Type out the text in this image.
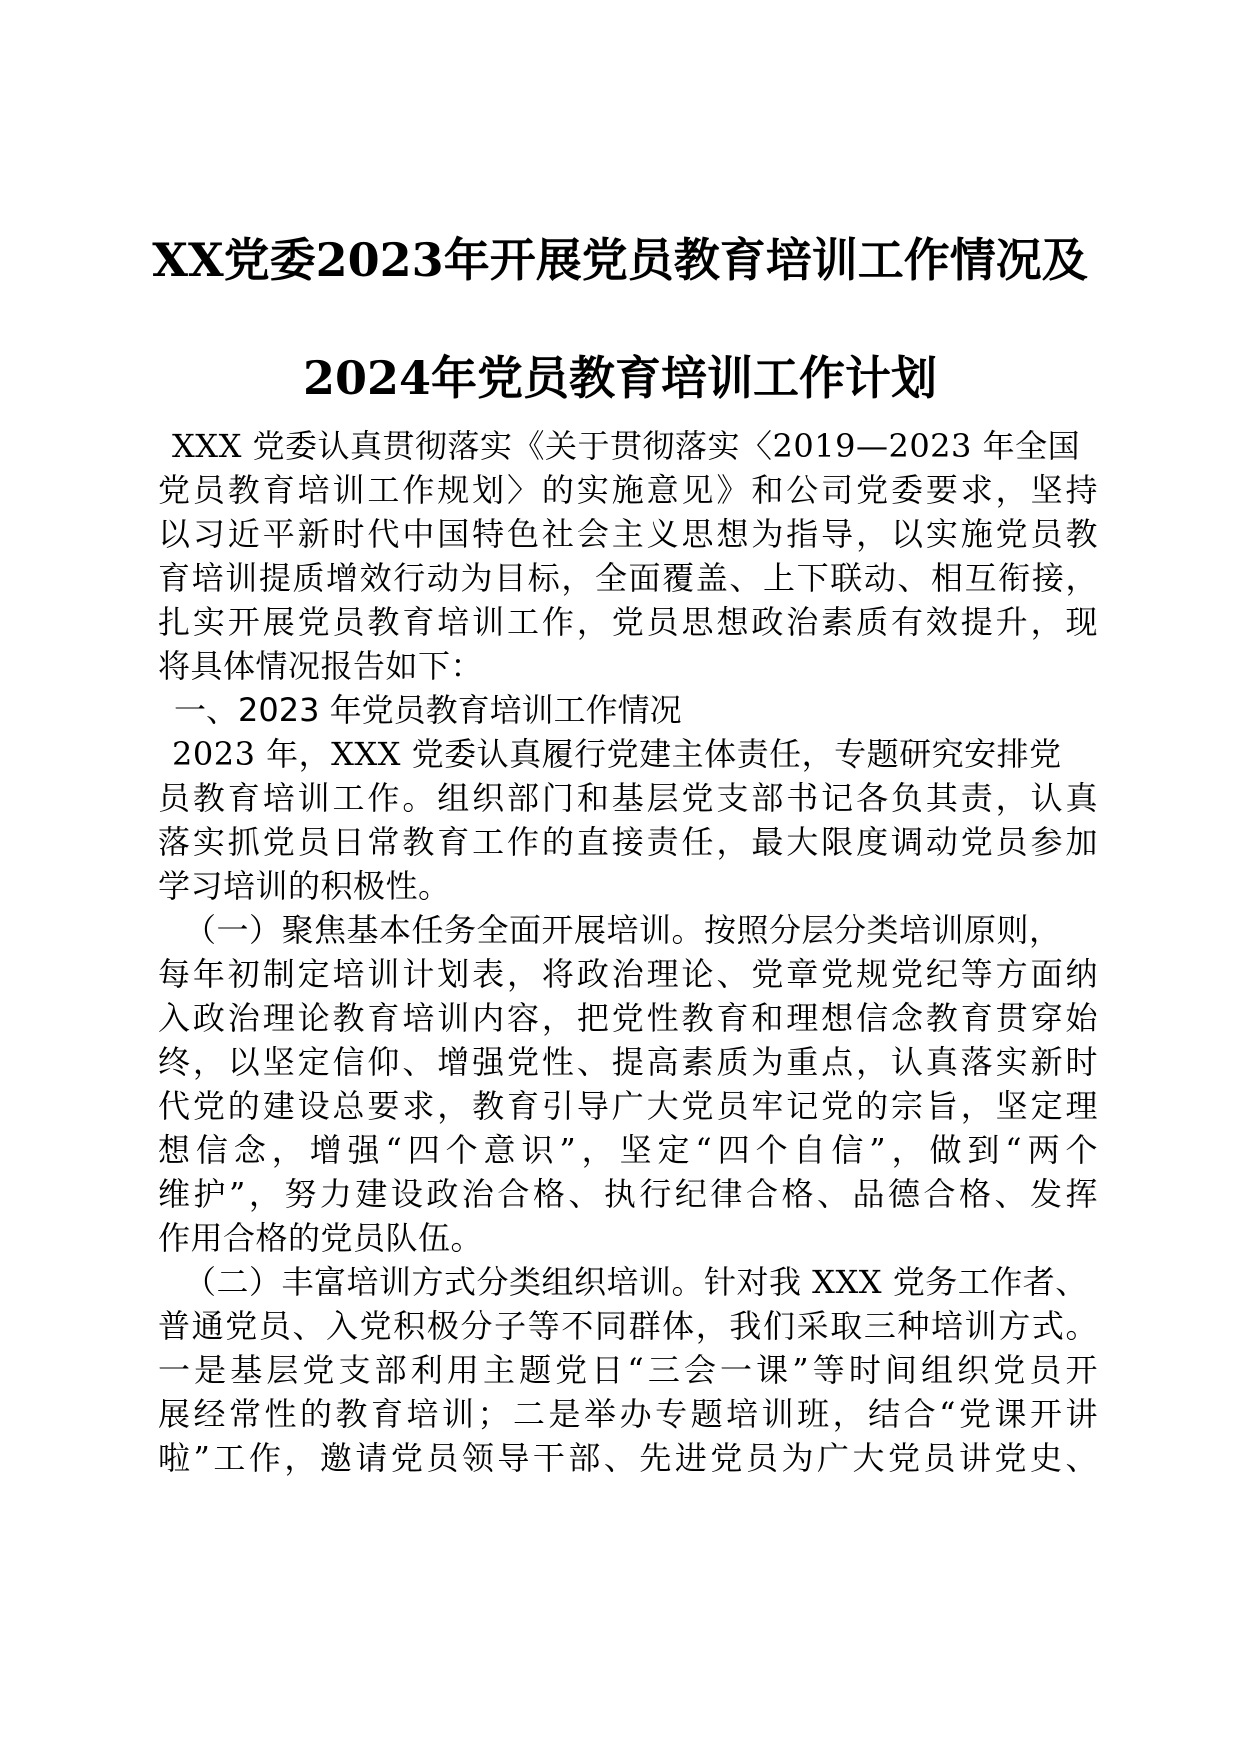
XX党委2023年开展党员教育培训工作情况及
2024年党员教育培训工作计划
XXX 党委认真贯彻落实《关于贯彻落实〈2019—2023 年全国
党员教育培训工作规划〉的实施意见》和公司党委要求，坚持
以习近平新时代中国特色社会主义思想为指导，以实施党员教
育培训提质增效行动为目标，全面覆盖、上下联动、相互衔接，
扎实开展党员教育培训工作，党员思想政治素质有效提升，现
将具体情况报告如下：
一、2023 年党员教育培训工作情况
2023 年，XXX 党委认真履行党建主体责任，专题研究安排党
员教育培训工作。组织部门和基层党支部书记各负其责，认真
落实抓党员日常教育工作的直接责任，最大限度调动党员参加
学习培训的积极性。
（一）聚焦基本任务全面开展培训。按照分层分类培训原则，
每年初制定培训计划表，将政治理论、党章党规党纪等方面纳
入政治理论教育培训内容，把党性教育和理想信念教育贯穿始
终，以坚定信仰、增强党性、提高素质为重点，认真落实新时
代党的建设总要求，教育引导广大党员牢记党的宗旨，坚定理
想信念，增强“四个意识”，坚定“四个自信”，做到“两个
维护”，努力建设政治合格、执行纪律合格、品德合格、发挥
作用合格的党员队伍。
（二）丰富培训方式分类组织培训。针对我 XXX 党务工作者、
普通党员、入党积极分子等不同群体，我们采取三种培训方式。
一是基层党支部利用主题党日“三会一课”等时间组织党员开
展经常性的教育培训；二是举办专题培训班，结合“党课开讲
啦”工作，邀请党员领导干部、先进党员为广大党员讲党史、
